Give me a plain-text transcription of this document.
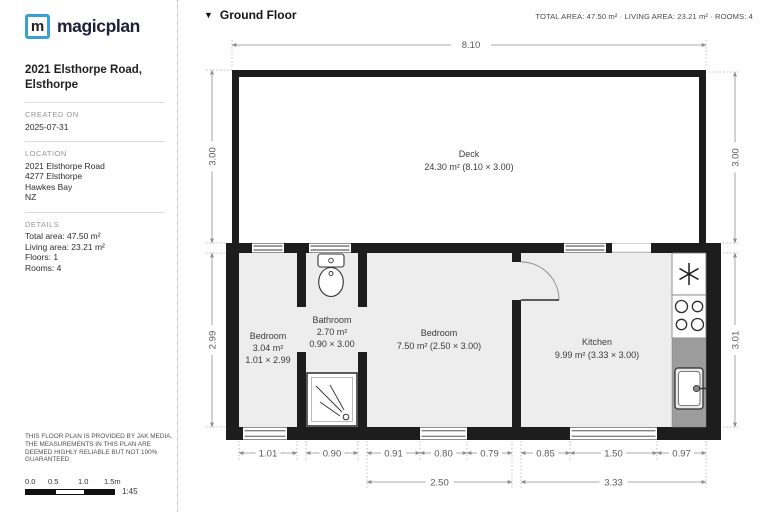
m magicplan
2021 Elsthorpe Road,
Elsthorpe
CREATED ON
2025-07-31
LOCATION
2021 Elsthorpe Road
4277 Elsthorpe
Hawkes Bay
NZ
DETAILS
Total area: 47.50 m²
Living area: 23.21 m²
Floors: 1
Rooms: 4
THIS FLOOR PLAN IS PROVIDED BY JAK MEDIA.
THE MEASUREMENTS IN THIS PLAN ARE
DEEMED HIGHLY RELIABLE BUT NOT 100%
GUARANTEED
0.0 0.5	1.0 1.5m
1:45
▼ Ground Floor	TOTAL AREA: 47.50 m² · LIVING AREA: 23.21 m² · ROOMS: 4
8.10
3.00
2.99
3.00
3.01
1.01	0.90	0.91	0.80	0.79	0.85	1.50	0.97
2.50	3.33
Deck
24.30 m² (8.10 × 3.00)
Bedroom
3.04 m²
1.01 × 2.99
Bathroom
2.70 m²
0.90 × 3.00
Bedroom
7.50 m² (2.50 × 3.00)	Kitchen
9.99 m² (3.33 × 3.00)
